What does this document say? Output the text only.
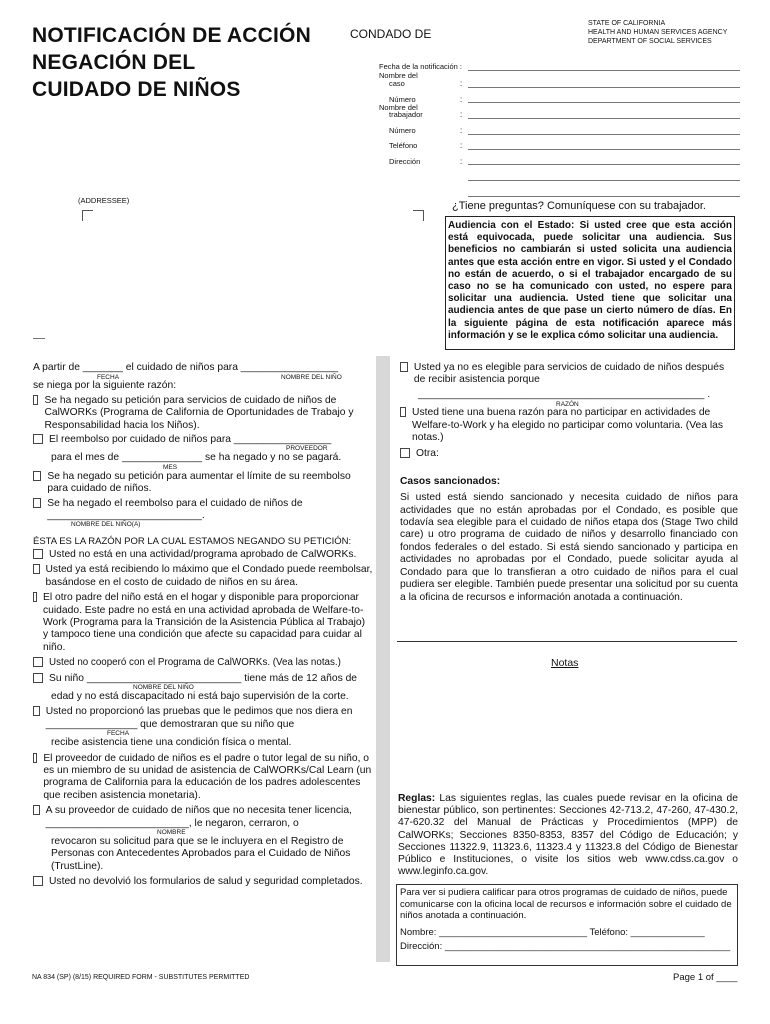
NOTIFICACIÓN DE ACCIÓN
NEGACIÓN DEL
CUIDADO DE NIÑOS
CONDADO DE
STATE OF CALIFORNIA
HEALTH AND HUMAN SERVICES AGENCY
DEPARTMENT OF SOCIAL SERVICES
Fecha de la notificación :
Nombre del
caso	:
Número	:
Nombre del
trabajador	:
Número	:
Teléfono	:
Dirección	:
(ADDRESSEE)	¿Tiene preguntas? Comuníquese con su trabajador.
Audiencia con el Estado: Si usted cree que esta acción está equivocada, puede solicitar una audiencia. Sus beneficios no cambiarán si usted solicita una audiencia antes que esta acción entre en vigor. Si usted y el Condado no están de acuerdo, o si el trabajador encargado de su caso no se ha comunicado con usted, no espere para solicitar una audiencia. Usted tiene que solicitar una audiencia antes de que pase un cierto número de días. En la siguiente página de esta notificación aparece más información y se le explica cómo solicitar una audiencia.
A partir de _______ el cuidado de niños para _________________
FECHA	NOMBRE DEL NIÑO
se niega por la siguiente razón:
Se ha negado su petición para servicios de cuidado de niños de CalWORKs (Programa de California de Oportunidades de Trabajo y Responsabilidad hacia los Niños).
El reembolso por cuidado de niños para _________________
PROVEEDOR
para el mes de ______________ se ha negado y no se pagará.
MES
Se ha negado su petición para aumentar el límite de su reembolso para cuidado de niños.
Se ha negado el reembolso para el cuidado de niños de ___________________________.
NOMBRE DEL NIÑO(A)
ÉSTA ES LA RAZÓN POR LA CUAL ESTAMOS NEGANDO SU PETICIÓN:
Usted no está en una actividad/programa aprobado de CalWORKs.
Usted ya está recibiendo lo máximo que el Condado puede reembolsar, basándose en el costo de cuidado de niños en su área.
El otro padre del niño está en el hogar y disponible para proporcionar cuidado. Este padre no está en una actividad aprobada de Welfare-to-Work (Programa para la Transición de la Asistencia Pública al Trabajo) y tampoco tiene una condición que afecte su capacidad para cuidar al niño.
Usted no cooperó con el Programa de CalWORKs. (Vea las notas.)
Su niño ___________________________ tiene más de 12 años de
NOMBRE DEL NIÑO
edad y no está discapacitado ni está bajo supervisión de la corte.
Usted no proporcionó las pruebas que le pedimos que nos diera en ________________ que demostraran que su niño que
FECHA
recibe asistencia tiene una condición física o mental.
El proveedor de cuidado de niños es el padre o tutor legal de su niño, o es un miembro de su unidad de asistencia de CalWORKs/Cal Learn (un programa de California para la educación de los padres adolescentes que reciben asistencia monetaria).
A su proveedor de cuidado de niños que no necesita tener licencia, _________________________, le negaron, cerraron, o
NOMBRE
revocaron su solicitud para que se le incluyera en el Registro de Personas con Antecedentes Aprobados para el Cuidado de Niños (TrustLine).
Usted no devolvió los formularios de salud y seguridad completados.
Usted ya no es elegible para servicios de cuidado de niños después de recibir asistencia porque
__________________________________________________ .
RAZÓN
Usted tiene una buena razón para no participar en actividades de Welfare-to-Work y ha elegido no participar como voluntaria. (Vea las notas.)
Otra:
Casos sancionados:
Si usted está siendo sancionado y necesita cuidado de niños para actividades que no están aprobadas por el Condado, es posible que todavía sea elegible para el cuidado de niños etapa dos (Stage Two child care) u otro programa de cuidado de niños y desarrollo financiado con fondos federales o del estado. Si está siendo sancionado y participa en actividades no aprobadas por el Condado, puede solicitar ayuda al Condado para que lo transfieran a otro cuidado de niños para el cual pudiera ser elegible. También puede presentar una solicitud por su cuenta a la oficina de recursos e información anotada a continuación.
Notas
Reglas: Las siguientes reglas, las cuales puede revisar en la oficina de bienestar público, son pertinentes: Secciones 42-713.2, 47-260, 47-430.2, 47-620.32 del Manual de Prácticas y Procedimientos (MPP) de CalWORKs; Secciones 8350-8353, 8357 del Código de Educación; y Secciones 11322.9, 11323.6, 11323.4 y 11323.8 del Código de Bienestar Público e Instituciones, o visite los sitios web www.cdss.ca.gov o www.leginfo.ca.gov.
Para ver si pudiera calificar para otros programas de cuidado de niños, puede comunicarse con la oficina local de recursos e información sobre el cuidado de niños anotada a continuación.
Nombre: ____________________________ Teléfono: ______________
Dirección: ______________________________________________________
NA 834 (SP) (8/15) REQUIRED FORM - SUBSTITUTES PERMITTED	Page 1 of ____
